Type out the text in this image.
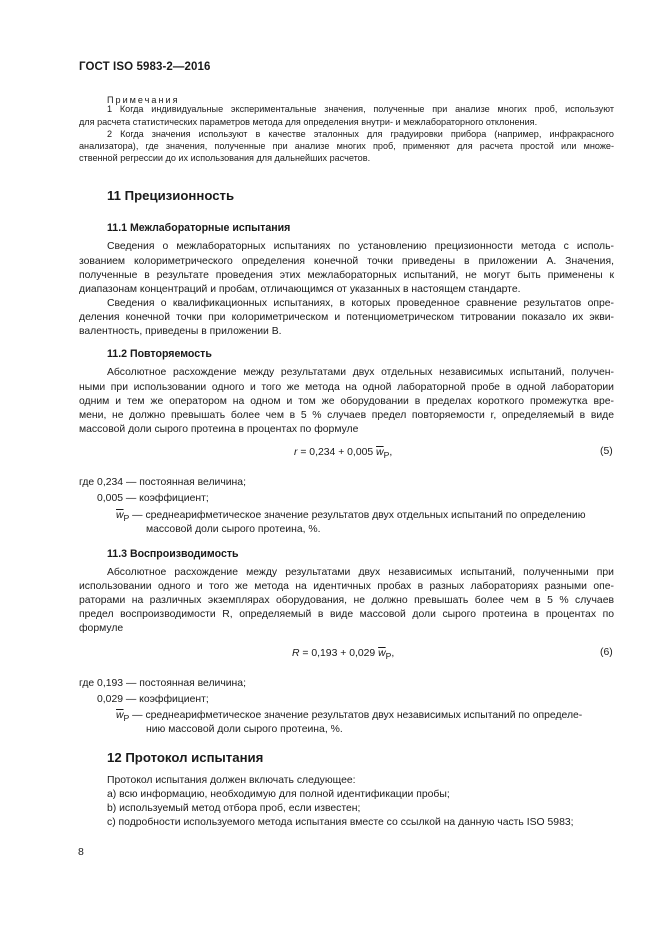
ГОСТ ISO 5983-2—2016
Примечания
1 Когда индивидуальные экспериментальные значения, полученные при анализе многих проб, используют
для расчета статистических параметров метода для определения внутри- и межлабораторного отклонения.
2 Когда значения используют в качестве эталонных для градуировки прибора (например, инфракрасного
анализатора), где значения, полученные при анализе многих проб, применяют для расчета простой или множе-
ственной регрессии до их использования для дальнейших расчетов.
11 Прецизионность
11.1 Межлабораторные испытания
Сведения о межлабораторных испытаниях по установлению прецизионности метода с исполь-
зованием колориметрического определения конечной точки приведены в приложении А. Значения,
полученные в результате проведения этих межлабораторных испытаний, не могут быть применены к
диапазонам концентраций и пробам, отличающимся от указанных в настоящем стандарте.
Сведения о квалификационных испытаниях, в которых проведенное сравнение результатов опре-
деления конечной точки при колориметрическом и потенциометрическом титровании показало их экви-
валентность, приведены в приложении В.
11.2 Повторяемость
Абсолютное расхождение между результатами двух отдельных независимых испытаний, получен-
ными при использовании одного и того же метода на одной лабораторной пробе в одной лаборатории
одним и тем же оператором на одном и том же оборудовании в пределах короткого промежутка вре-
мени, не должно превышать более чем в 5 % случаев предел повторяемости r, определяемый в виде
массовой доли сырого протеина в процентах по формуле
r = 0,234 + 0,005 $\overline{w}_P$,	(5)
где 0,234 — постоянная величина;
0,005 — коэффициент;
$\overline{w}_P$ — среднеарифметическое значение результатов двух отдельных испытаний по определению
массовой доли сырого протеина, %.
11.3 Воспроизводимость
Абсолютное расхождение между результатами двух независимых испытаний, полученными при
использовании одного и того же метода на идентичных пробах в разных лабораториях разными опе-
раторами на различных экземплярах оборудования, не должно превышать более чем в 5 % случаев
предел воспроизводимости R, определяемый в виде массовой доли сырого протеина в процентах по
формуле
R = 0,193 + 0,029 $\overline{w}_P$,	(6)
где 0,193 — постоянная величина;
0,029 — коэффициент;
$\overline{w}_P$ — среднеарифметическое значение результатов двух независимых испытаний по определе-
нию массовой доли сырого протеина, %.
12 Протокол испытания
Протокол испытания должен включать следующее:
a) всю информацию, необходимую для полной идентификации пробы;
b) используемый метод отбора проб, если известен;
c) подробности используемого метода испытания вместе со ссылкой на данную часть ISO 5983;
8
